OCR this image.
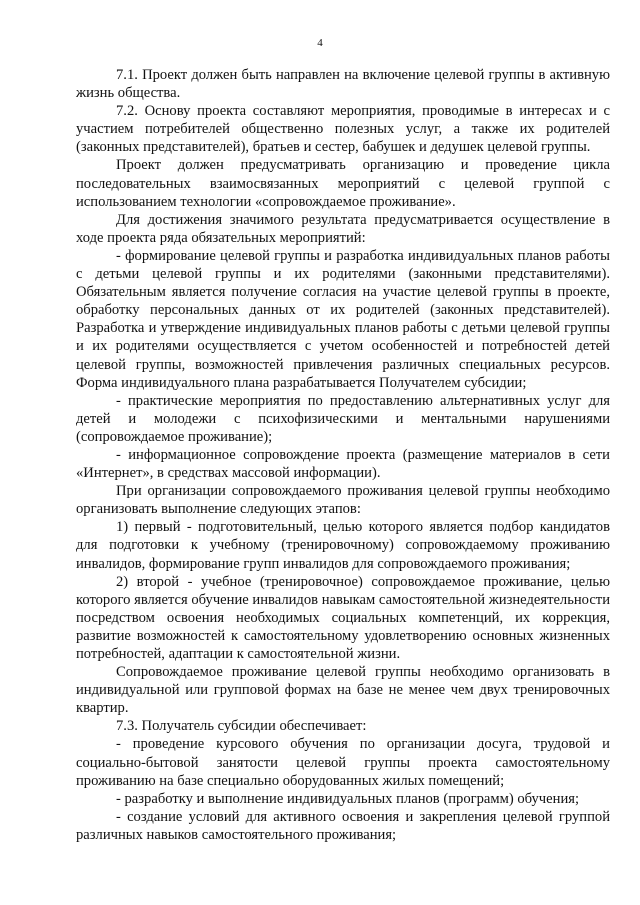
4

7.1. Проект должен быть направлен на включение целевой группы в активную жизнь общества.

7.2. Основу проекта составляют мероприятия, проводимые в интересах и с участием потребителей общественно полезных услуг, а также их родителей (законных представителей), братьев и сестер, бабушек и дедушек целевой группы.

Проект должен предусматривать организацию и проведение цикла последовательных взаимосвязанных мероприятий с целевой группой с использованием технологии «сопровождаемое проживание».

Для достижения значимого результата предусматривается осуществление в ходе проекта ряда обязательных мероприятий:

- формирование целевой группы и разработка индивидуальных планов работы с детьми целевой группы и их родителями (законными представителями). Обязательным является получение согласия на участие целевой группы в проекте, обработку персональных данных от их родителей (законных представителей). Разработка и утверждение индивидуальных планов работы с детьми целевой группы и их родителями осуществляется с учетом особенностей и потребностей детей целевой группы, возможностей привлечения различных специальных ресурсов. Форма индивидуального плана разрабатывается Получателем субсидии;

- практические мероприятия по предоставлению альтернативных услуг для детей и молодежи с психофизическими и ментальными нарушениями (сопровождаемое проживание);

- информационное сопровождение проекта (размещение материалов в сети «Интернет», в средствах массовой информации).

При организации сопровождаемого проживания целевой группы необходимо организовать выполнение следующих этапов:

1) первый - подготовительный, целью которого является подбор кандидатов для подготовки к учебному (тренировочному) сопровождаемому проживанию инвалидов, формирование групп инвалидов для сопровождаемого проживания;

2) второй - учебное (тренировочное) сопровождаемое проживание, целью которого является обучение инвалидов навыкам самостоятельной жизнедеятельности посредством освоения необходимых социальных компетенций, их коррекция, развитие возможностей к самостоятельному удовлетворению основных жизненных потребностей, адаптации к самостоятельной жизни.

Сопровождаемое проживание целевой группы необходимо организовать в индивидуальной или групповой формах на базе не менее чем двух тренировочных квартир.

7.3. Получатель субсидии обеспечивает:

- проведение курсового обучения по организации досуга, трудовой и социально-бытовой занятости целевой группы проекта самостоятельному проживанию на базе специально оборудованных жилых помещений;

- разработку и выполнение индивидуальных планов (программ) обучения;

- создание условий для активного освоения и закрепления целевой группой различных навыков самостоятельного проживания;
